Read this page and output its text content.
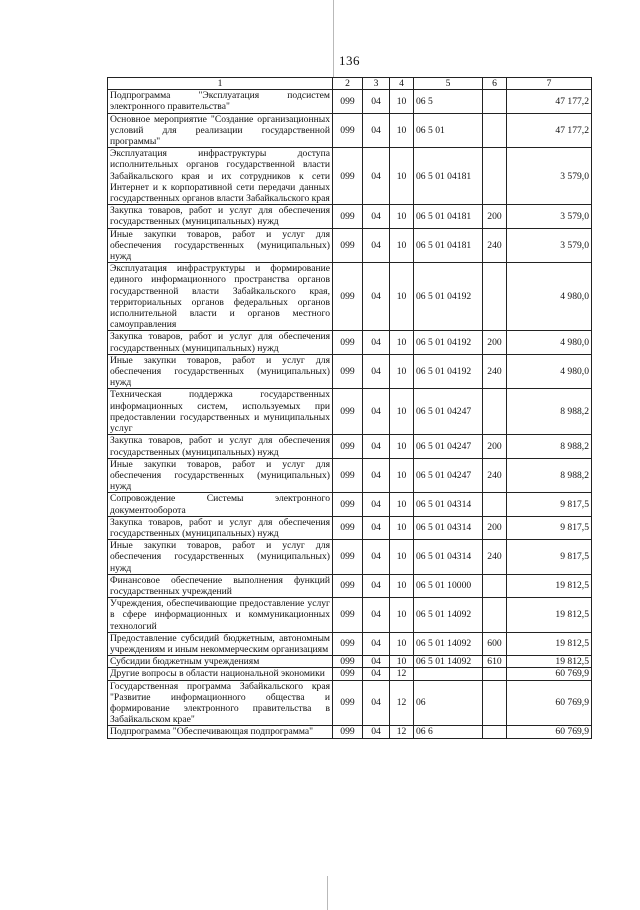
136
1	2	3	4	5	6	7
Подпрограмма "Эксплуатация подсистем электронного правительства"	099	04	10	06 5		47 177,2
Основное мероприятие "Создание организационных условий для реализации государственной программы"	099	04	10	06 5 01		47 177,2
Эксплуатация инфраструктуры доступа исполнительных органов государственной власти Забайкальского края и их сотрудников к сети Интернет и к корпоративной сети передачи данных государственных органов власти Забайкальского края	099	04	10	06 5 01 04181		3 579,0
Закупка товаров, работ и услуг для обеспечения государственных (муниципальных) нужд	099	04	10	06 5 01 04181	200	3 579,0
Иные закупки товаров, работ и услуг для обеспечения государственных (муниципальных) нужд	099	04	10	06 5 01 04181	240	3 579,0
Эксплуатация инфраструктуры и формирование единого информационного пространства органов государственной власти Забайкальского края, территориальных органов федеральных органов исполнительной власти и органов местного самоуправления	099	04	10	06 5 01 04192		4 980,0
Закупка товаров, работ и услуг для обеспечения государственных (муниципальных) нужд	099	04	10	06 5 01 04192	200	4 980,0
Иные закупки товаров, работ и услуг для обеспечения государственных (муниципальных) нужд	099	04	10	06 5 01 04192	240	4 980,0
Техническая поддержка государственных информационных систем, используемых при предоставлении государственных и муниципальных услуг	099	04	10	06 5 01 04247		8 988,2
Закупка товаров, работ и услуг для обеспечения государственных (муниципальных) нужд	099	04	10	06 5 01 04247	200	8 988,2
Иные закупки товаров, работ и услуг для обеспечения государственных (муниципальных) нужд	099	04	10	06 5 01 04247	240	8 988,2
Сопровождение Системы электронного документооборота	099	04	10	06 5 01 04314		9 817,5
Закупка товаров, работ и услуг для обеспечения государственных (муниципальных) нужд	099	04	10	06 5 01 04314	200	9 817,5
Иные закупки товаров, работ и услуг для обеспечения государственных (муниципальных) нужд	099	04	10	06 5 01 04314	240	9 817,5
Финансовое обеспечение выполнения функций государственных учреждений	099	04	10	06 5 01 10000		19 812,5
Учреждения, обеспечивающие предоставление услуг в сфере информационных и коммуникационных технологий	099	04	10	06 5 01 14092		19 812,5
Предоставление субсидий бюджетным, автономным учреждениям и иным некоммерческим организациям	099	04	10	06 5 01 14092	600	19 812,5
Субсидии бюджетным учреждениям	099	04	10	06 5 01 14092	610	19 812,5
Другие вопросы в области национальной экономики	099	04	12			60 769,9
Государственная программа Забайкальского края "Развитие информационного общества и формирование электронного правительства в Забайкальском крае"	099	04	12	06		60 769,9
Подпрограмма "Обеспечивающая подпрограмма"	099	04	12	06 6		60 769,9
